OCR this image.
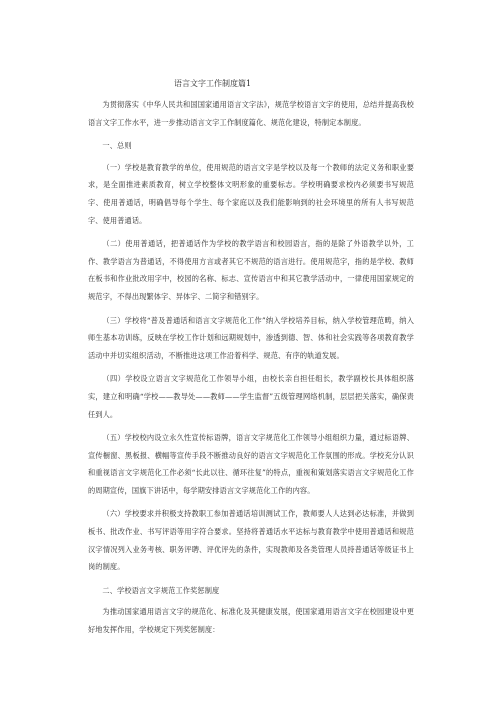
语言文字工作制度篇1

为贯彻落实《中华人民共和国国家通用语言文字法》，规范学校语言文字的使用，总结并提高我校语言文字工作水平，进一步推动语言文字工作制度篇化、规范化建设，特制定本制度。

一、总则

（一）学校是教育教学的单位，使用规范的语言文字是学校以及每一个教师的法定义务和职业要求，是全面推进素质教育，树立学校整体文明形象的重要标志。学校明确要求校内必须要书写规范字、使用普通话，明确倡导每个学生、每个家庭以及我们能影响到的社会环境里的所有人书写规范字、使用普通话。

（二）使用普通话，把普通话作为学校的教学语言和校园语言，指的是除了外语教学以外，工作、教学语言为普通话，不得使用方言或者其它不规范的语言进行。使用规范字，指的是学校、教师在板书和作业批改用字中，校园的名称、标志、宣传语言中和其它教学活动中，一律使用国家规定的规范字，不得出现繁体字、异体字、二简字和错别字。

（三）学校将“普及普通话和语言文字规范化工作”纳入学校培养目标，纳入学校管理范畴，纳入师生基本功训练，反映在学校工作计划和远期规划中，渗透到德、智、体和社会实践等各项教育教学活动中并切实组织活动，不断推进这项工作沿着科学、规范、有序的轨道发展。

（四）学校设立语言文字规范化工作领导小组，由校长亲自担任组长，教学副校长具体组织落实，建立和明确“学校——教导处——教师——学生监督”五级管理网络机制，层层把关落实，确保责任到人。

（五）学校校内设立永久性宣传标语牌，语言文字规范化工作领导小组组织力量，通过标语牌、宣传橱窗、黑板报、横幅等宣传手段不断推动良好的语言文字规范化工作氛围的形成。学校充分认识和重视语言文字规范化工作必须“长此以往、循环往复”的特点，重视和策划落实语言文字规范化工作的周期宣传，国旗下讲话中，每学期安排语言文字规范化工作的内容。

（六）学校要求并积极支持教职工参加普通话培训测试工作，教师要人人达到必达标准，并做到板书、批改作业、书写评语等用字符合要求。坚持将普通话水平达标与教育教学中使用普通话和规范汉字情况列入业务考核、职务评聘、评优评先的条件，实现教师及各类管理人员持普通话等级证书上岗的制度。

二、学校语言文字规范工作奖惩制度

为推动国家通用语言文字的规范化、标准化及其健康发展，使国家通用语言文字在校园建设中更好地发挥作用，学校规定下列奖惩制度：
